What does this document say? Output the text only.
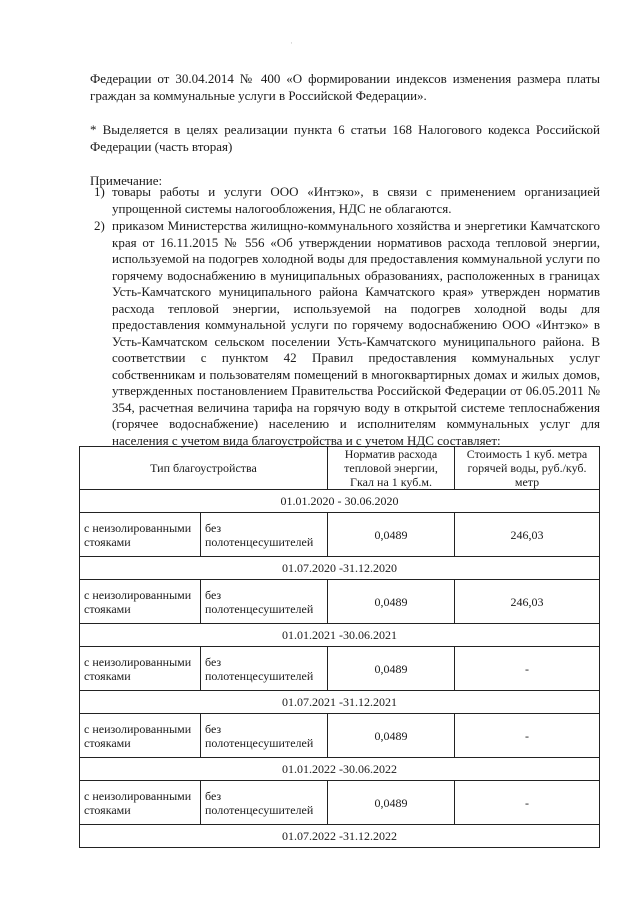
·

Федерации от 30.04.2014 № 400 «О формировании индексов изменения размера платы граждан за коммунальные услуги в Российской Федерации».

* Выделяется в целях реализации пункта 6 статьи 168 Налогового кодекса Российской Федерации (часть вторая)

Примечание:

1) товары работы и услуги ООО «Интэко», в связи с применением организацией упрощенной системы налогообложения, НДС не облагаются.
2) приказом Министерства жилищно-коммунального хозяйства и энергетики Камчатского края от 16.11.2015 № 556 «Об утверждении нормативов расхода тепловой энергии, используемой на подогрев холодной воды для предоставления коммунальной услуги по горячему водоснабжению в муниципальных образованиях, расположенных в границах Усть-Камчатского муниципального района Камчатского края» утвержден норматив расхода тепловой энергии, используемой на подогрев холодной воды для предоставления коммунальной услуги по горячему водоснабжению ООО «Интэко» в Усть-Камчатском сельском поселении Усть-Камчатского муниципального района. В соответствии с пунктом 42 Правил предоставления коммунальных услуг собственникам и пользователям помещений в многоквартирных домах и жилых домов, утвержденных постановлением Правительства Российской Федерации от 06.05.2011 № 354, расчетная величина тарифа на горячую воду в открытой системе теплоснабжения (горячее водоснабжение) населению и исполнителям коммунальных услуг для населения с учетом вида благоустройства и с учетом НДС составляет:
Тип благоустройства		Норматив расхода тепловой энергии, Гкал на 1 куб.м.	Стоимость 1 куб. метра горячей воды, руб./куб. метр
01.01.2020 - 30.06.2020			
с неизолированными стояками	без полотенцесушителей	0,0489	246,03
01.07.2020 -31.12.2020			
с неизолированными стояками	без полотенцесушителей	0,0489	246,03
01.01.2021 -30.06.2021			
с неизолированными стояками	без полотенцесушителей	0,0489	-
01.07.2021 -31.12.2021			
с неизолированными стояками	без полотенцесушителей	0,0489	-
01.01.2022 -30.06.2022			
с неизолированными стояками	без полотенцесушителей	0,0489	-
01.07.2022 -31.12.2022			
